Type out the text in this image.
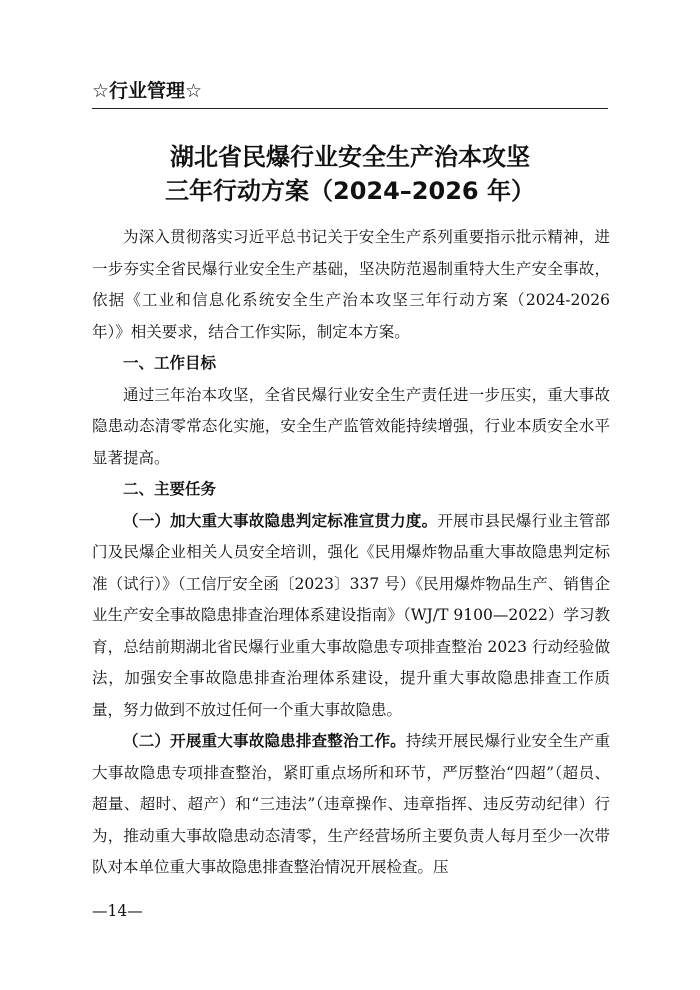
☆行业管理☆
湖北省民爆行业安全生产治本攻坚
三年行动方案（2024–2026 年）

为深入贯彻落实习近平总书记关于安全生产系列重要指示批示精神，进一步夯实全省民爆行业安全生产基础，坚决防范遏制重特大生产安全事故，依据《工业和信息化系统安全生产治本攻坚三年行动方案（2024-2026 年）》相关要求，结合工作实际，制定本方案。

一、工作目标

通过三年治本攻坚，全省民爆行业安全生产责任进一步压实，重大事故隐患动态清零常态化实施，安全生产监管效能持续增强，行业本质安全水平显著提高。

二、主要任务

（一）加大重大事故隐患判定标准宣贯力度。开展市县民爆行业主管部门及民爆企业相关人员安全培训，强化《民用爆炸物品重大事故隐患判定标准（试行）》（工信厅安全函〔2023〕337 号）《民用爆炸物品生产、销售企业生产安全事故隐患排查治理体系建设指南》（WJ/T 9100—2022）学习教育，总结前期湖北省民爆行业重大事故隐患专项排查整治 2023 行动经验做法，加强安全事故隐患排查治理体系建设，提升重大事故隐患排查工作质量，努力做到不放过任何一个重大事故隐患。

（二）开展重大事故隐患排查整治工作。持续开展民爆行业安全生产重大事故隐患专项排查整治，紧盯重点场所和环节，严厉整治“四超”（超员、超量、超时、超产）和“三违法”（违章操作、违章指挥、违反劳动纪律）行为，推动重大事故隐患动态清零，生产经营场所主要负责人每月至少一次带队对本单位重大事故隐患排查整治情况开展检查。压

—14—
